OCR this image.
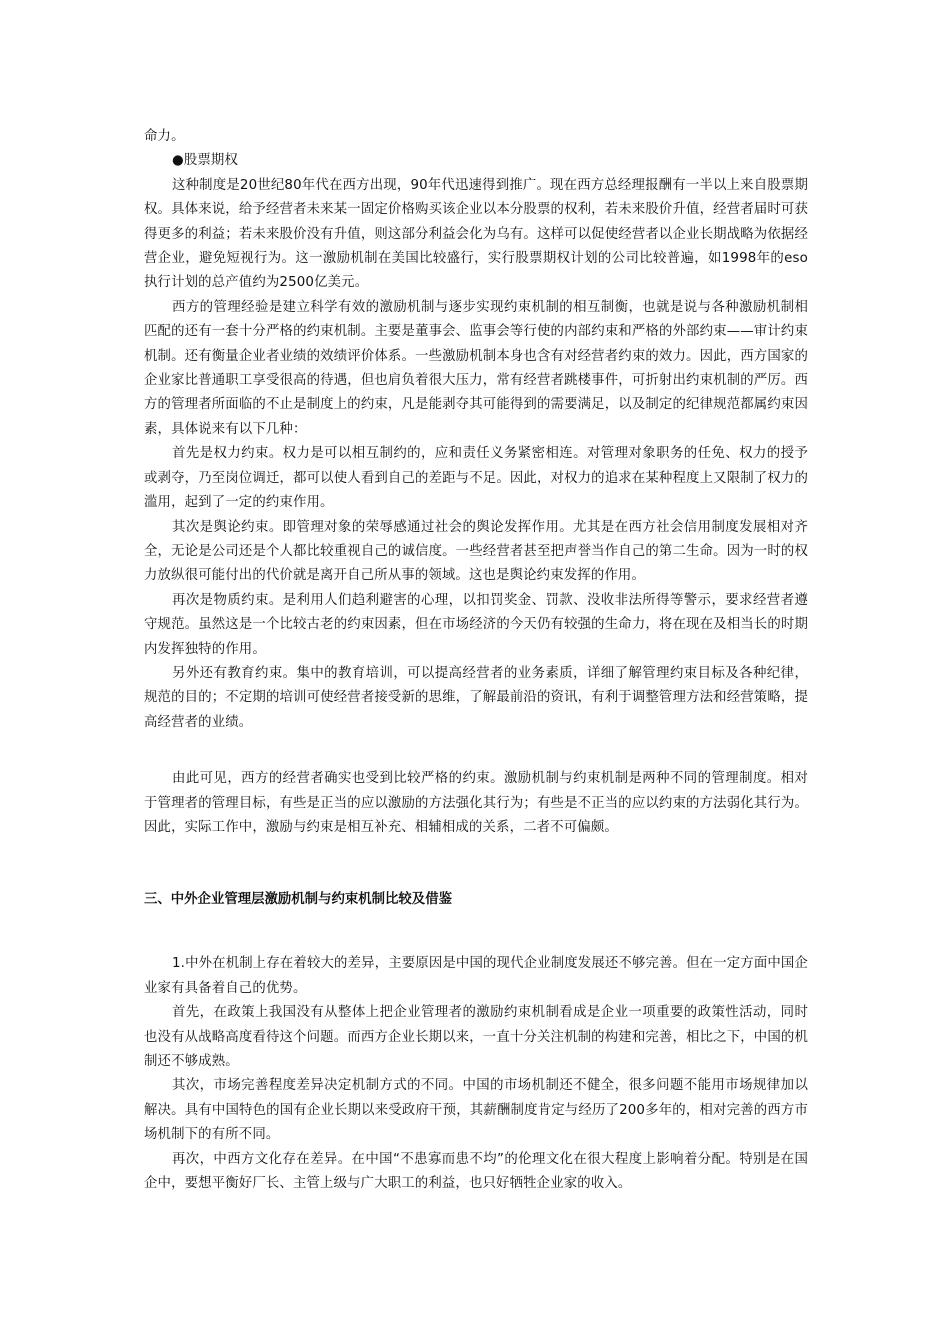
命力。

●股票期权

这种制度是20世纪80年代在西方出现，90年代迅速得到推广。现在西方总经理报酬有一半以上来自股票期权。具体来说，给予经营者未来某一固定价格购买该企业以本分股票的权利，若未来股价升值，经营者届时可获得更多的利益；若未来股价没有升值，则这部分利益会化为乌有。这样可以促使经营者以企业长期战略为依据经营企业，避免短视行为。这一激励机制在美国比较盛行，实行股票期权计划的公司比较普遍，如1998年的eso执行计划的总产值约为2500亿美元。

西方的管理经验是建立科学有效的激励机制与逐步实现约束机制的相互制衡，也就是说与各种激励机制相匹配的还有一套十分严格的约束机制。主要是董事会、监事会等行使的内部约束和严格的外部约束——审计约束机制。还有衡量企业者业绩的效绩评价体系。一些激励机制本身也含有对经营者约束的效力。因此，西方国家的企业家比普通职工享受很高的待遇，但也肩负着很大压力，常有经营者跳楼事件，可折射出约束机制的严厉。西方的管理者所面临的不止是制度上的约束，凡是能剥夺其可能得到的需要满足，以及制定的纪律规范都属约束因素，具体说来有以下几种：

首先是权力约束。权力是可以相互制约的，应和责任义务紧密相连。对管理对象职务的任免、权力的授予或剥夺，乃至岗位调迁，都可以使人看到自己的差距与不足。因此，对权力的追求在某种程度上又限制了权力的滥用，起到了一定的约束作用。

其次是舆论约束。即管理对象的荣辱感通过社会的舆论发挥作用。尤其是在西方社会信用制度发展相对齐全，无论是公司还是个人都比较重视自己的诚信度。一些经营者甚至把声誉当作自己的第二生命。因为一时的权力放纵很可能付出的代价就是离开自己所从事的领域。这也是舆论约束发挥的作用。

再次是物质约束。是利用人们趋利避害的心理，以扣罚奖金、罚款、没收非法所得等警示，要求经营者遵守规范。虽然这是一个比较古老的约束因素，但在市场经济的今天仍有较强的生命力，将在现在及相当长的时期内发挥独特的作用。

另外还有教育约束。集中的教育培训，可以提高经营者的业务素质，详细了解管理约束目标及各种纪律，规范的目的；不定期的培训可使经营者接受新的思维，了解最前沿的资讯，有利于调整管理方法和经营策略，提高经营者的业绩。

由此可见，西方的经营者确实也受到比较严格的约束。激励机制与约束机制是两种不同的管理制度。相对于管理者的管理目标，有些是正当的应以激励的方法强化其行为；有些是不正当的应以约束的方法弱化其行为。因此，实际工作中，激励与约束是相互补充、相辅相成的关系，二者不可偏颇。

三、中外企业管理层激励机制与约束机制比较及借鉴

1.中外在机制上存在着较大的差异，主要原因是中国的现代企业制度发展还不够完善。但在一定方面中国企业家有具备着自己的优势。

首先，在政策上我国没有从整体上把企业管理者的激励约束机制看成是企业一项重要的政策性活动，同时也没有从战略高度看待这个问题。而西方企业长期以来，一直十分关注机制的构建和完善，相比之下，中国的机制还不够成熟。

其次，市场完善程度差异决定机制方式的不同。中国的市场机制还不健全，很多问题不能用市场规律加以解决。具有中国特色的国有企业长期以来受政府干预，其薪酬制度肯定与经历了200多年的，相对完善的西方市场机制下的有所不同。

再次，中西方文化存在差异。在中国“不患寡而患不均”的伦理文化在很大程度上影响着分配。特别是在国企中，要想平衡好厂长、主管上级与广大职工的利益，也只好牺牲企业家的收入。
